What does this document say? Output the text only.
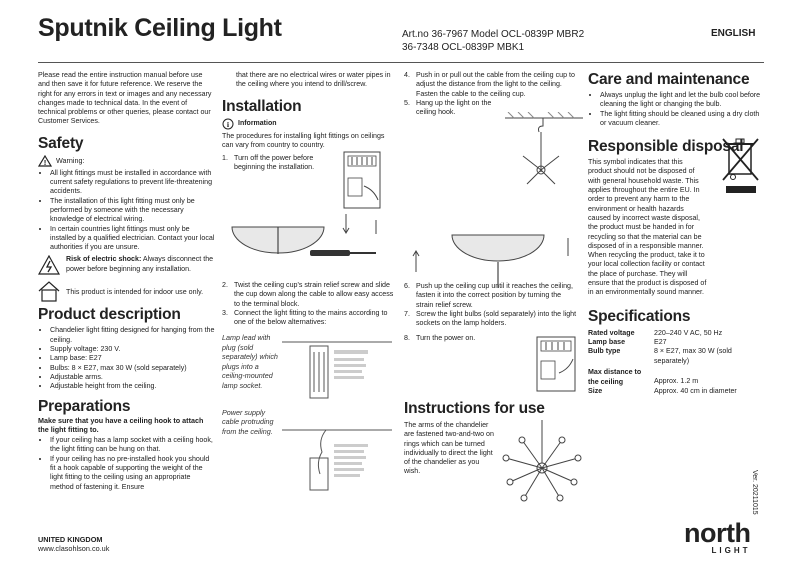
Sputnik Ceiling Light	Art.no 36-7967 Model OCL-0839P MBR2
36-7348 OCL-0839P MBK1
ENGLISH

Please read the entire instruction manual before use and then save it for future reference. We reserve the right for any errors in text or images and any necessary changes made to technical data. In the event of technical problems or other queries, please contact our Customer Services.

Safety
! Warning:
• All light fittings must be installed in accordance with current safety regulations to prevent life-threatening accidents.
• The installation of this light fitting must only be performed by someone with the necessary knowledge of electrical wiring.
• In certain countries light fittings must only be installed by a qualified electrician. Contact your local authorities if you are unsure.

Risk of electric shock: Always disconnect the power before beginning any installation.

This product is intended for indoor use only.

Product description
• Chandelier light fitting designed for hanging from the ceiling.
• Supply voltage: 230 V.
• Lamp base: E27
• Bulbs: 8 × E27, max 30 W (sold separately)
• Adjustable arms.
• Adjustable height from the ceiling.
Preparations

Make sure that you have a ceiling hook to attach the light fitting to.

• If your ceiling has a lamp socket with a ceiling hook, the light fitting can be hung on that.
• If your ceiling has no pre-installed hook you should fit a hook capable of supporting the weight of the light fitting to the ceiling using an appropriate method of fastening it. Ensure

that there are no electrical wires or water pipes in the ceiling where you intend to drill/screw.

Installation
i Information

The procedures for installing light fittings on ceilings can vary from country to country.

1. Turn off the power before beginning the installation.
2. Twist the ceiling cup's strain relief screw and slide the cup down along the cable to allow easy access to the terminal block.
3. Connect the light fitting to the mains according to one of the below alternatives:

Lamp lead with plug (sold separately) which plugs into a ceiling-mounted lamp socket.

Power supply cable protruding from the ceiling.

4. Push in or pull out the cable from the ceiling cup to adjust the distance from the light to the ceiling. Fasten the cable to the ceiling cup.
5. Hang up the light on the ceiling hook.
6. Push up the ceiling cup until it reaches the ceiling, fasten it into the correct position by turning the strain relief screw.
7. Screw the light bulbs (sold separately) into the light sockets on the lamp holders.
8. Turn the power on.
Instructions for use

The arms of the chandelier are fastened two-and-two on rings which can be turned individually to direct the light of the chandelier as you wish.

Care and maintenance
• Always unplug the light and let the bulb cool before cleaning the light or changing the bulb.
• The light fitting should be cleaned using a dry cloth or vacuum cleaner.
Responsible disposal

This symbol indicates that this product should not be disposed of with general household waste. This applies throughout the entire EU. In order to prevent any harm to the environment or health hazards caused by incorrect waste disposal, the product must be handed in for recycling so that the material can be disposed of in a responsible manner. When recycling the product, take it to your local collection facility or contact the place of purchase. They will ensure that the product is disposed of in an environmentally sound manner.

Specifications
Rated voltage	220–240 V AC, 50 Hz
Lamp base	E27
Bulb type	8 × E27, max 30 W (sold separately)
Max distance to the ceiling	Approx. 1.2 m
Size	Approx. 40 cm in diameter
UNITED KINGDOM
www.clasohlson.co.uk
Ver. 20211015
north
LIGHT
